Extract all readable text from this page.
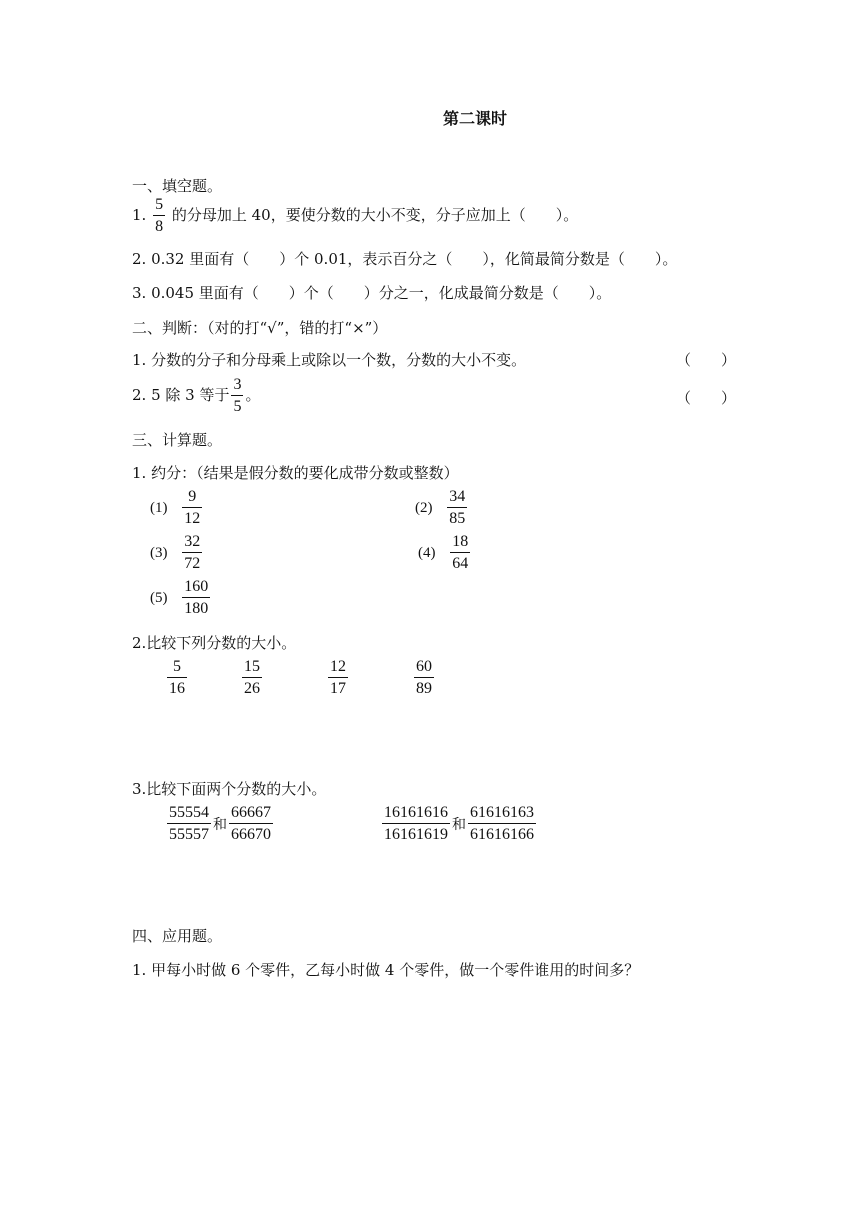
第二课时
一、填空题。
1. $\frac{5}{8}$ 的分母加上 40，要使分数的大小不变，分子应加上（　　）。
2. 0.32 里面有（　　）个 0.01，表示百分之（　　），化简最简分数是（　　）。
3. 0.045 里面有（　　）个（　　）分之一，化成最简分数是（　　）。
二、判断：（对的打“√”，错的打“×”）
1. 分数的分子和分母乘上或除以一个数，分数的大小不变。	（　　）
2. 5 除 3 等于 $\frac{3}{5}$ 。	（　　）
三、计算题。
1. 约分：（结果是假分数的要化成带分数或整数）
$(1) \frac{9}{12}$	$(2) \frac{34}{85}$
$(3) \frac{32}{72}$	$(4) \frac{18}{64}$
$(5) \frac{160}{180}$
2.比较下列分数的大小。
$\frac{5}{16}$	$\frac{15}{26}$	$\frac{12}{17}$	$\frac{60}{89}$
3.比较下面两个分数的大小。
$\frac{55554}{55557}$ 和 $\frac{66667}{66670}$	$\frac{16161616}{16161619}$ 和 $\frac{61616163}{61616166}$
四、应用题。
1. 甲每小时做 6 个零件，乙每小时做 4 个零件，做一个零件谁用的时间多？
